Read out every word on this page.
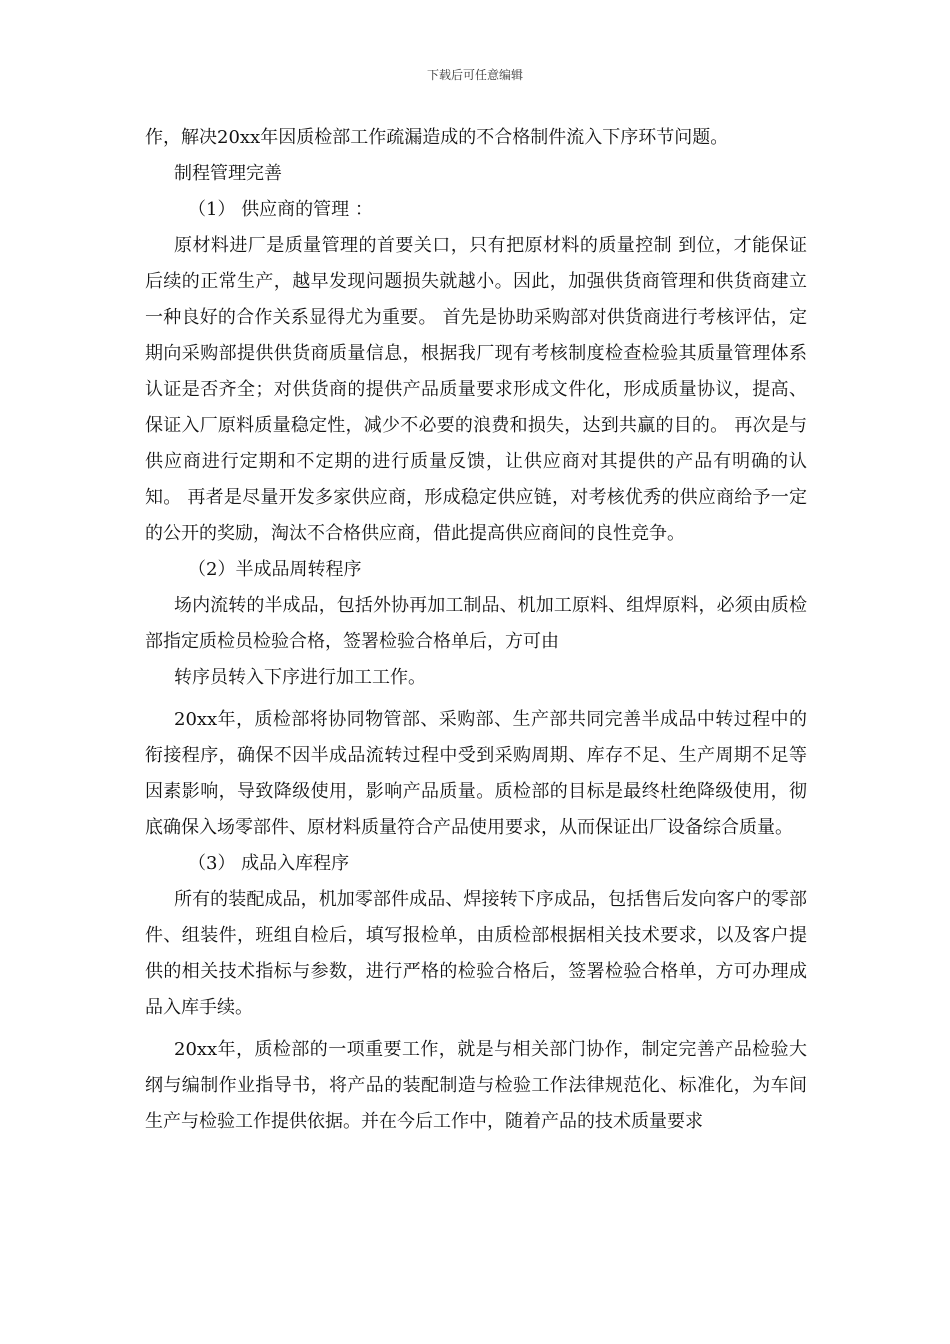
下载后可任意编辑

作，解决20xx年因质检部工作疏漏造成的不合格制件流入下序环节问题。

制程管理完善

（1） 供应商的管理 ：

原材料进厂是质量管理的首要关口，只有把原材料的质量控制 到位，才能保证后续的正常生产，越早发现问题损失就越小。因此，加强供货商管理和供货商建立一种良好的合作关系显得尤为重要。 首先是协助采购部对供货商进行考核评估，定期向采购部提供供货商质量信息，根据我厂现有考核制度检查检验其质量管理体系认证是否齐全；对供货商的提供产品质量要求形成文件化，形成质量协议，提高、保证入厂原料质量稳定性，减少不必要的浪费和损失，达到共赢的目的。 再次是与供应商进行定期和不定期的进行质量反馈，让供应商对其提供的产品有明确的认知。 再者是尽量开发多家供应商，形成稳定供应链，对考核优秀的供应商给予一定的公开的奖励，淘汰不合格供应商，借此提高供应商间的良性竞争。

（2）半成品周转程序

场内流转的半成品，包括外协再加工制品、机加工原料、组焊原料，必须由质检部指定质检员检验合格，签署检验合格单后，方可由

转序员转入下序进行加工工作。

20xx年，质检部将协同物管部、采购部、生产部共同完善半成品中转过程中的衔接程序，确保不因半成品流转过程中受到采购周期、库存不足、生产周期不足等因素影响，导致降级使用，影响产品质量。质检部的目标是最终杜绝降级使用，彻底确保入场零部件、原材料质量符合产品使用要求，从而保证出厂设备综合质量。

（3） 成品入库程序

所有的装配成品，机加零部件成品、焊接转下序成品，包括售后发向客户的零部件、组装件，班组自检后，填写报检单，由质检部根据相关技术要求，以及客户提供的相关技术指标与参数，进行严格的检验合格后，签署检验合格单，方可办理成品入库手续。

20xx年，质检部的一项重要工作，就是与相关部门协作，制定完善产品检验大纲与编制作业指导书，将产品的装配制造与检验工作法律规范化、标准化，为车间生产与检验工作提供依据。并在今后工作中，随着产品的技术质量要求
